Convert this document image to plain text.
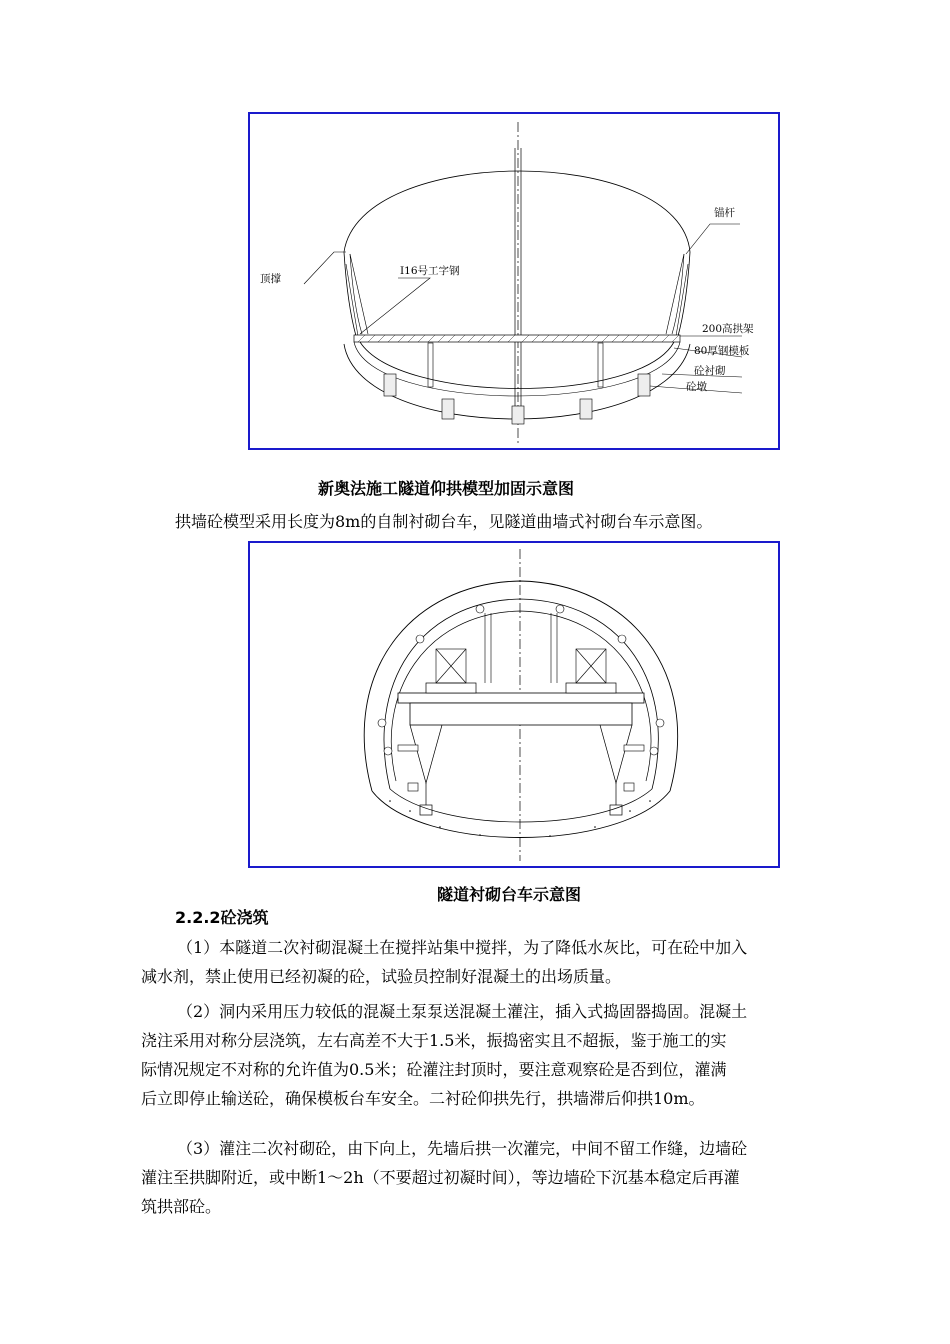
锚杆
顶撑
I16号工字钢
200高拱架
80厚钢模板
砼衬砌
砼墩
新奥法施工隧道仰拱模型加固示意图
拱墙砼模型采用长度为8m的自制衬砌台车，见隧道曲墙式衬砌台车示意图。
隧道衬砌台车示意图
2.2.2砼浇筑
（1）本隧道二次衬砌混凝土在搅拌站集中搅拌，为了降低水灰比，可在砼中加入
减水剂，禁止使用已经初凝的砼，试验员控制好混凝土的出场质量。
（2）洞内采用压力较低的混凝土泵泵送混凝土灌注，插入式捣固器捣固。混凝土
浇注采用对称分层浇筑，左右高差不大于1.5米，振捣密实且不超振，鉴于施工的实
际情况规定不对称的允许值为0.5米；砼灌注封顶时，要注意观察砼是否到位，灌满
后立即停止输送砼，确保模板台车安全。二衬砼仰拱先行，拱墙滞后仰拱10m。
（3）灌注二次衬砌砼，由下向上，先墙后拱一次灌完，中间不留工作缝，边墙砼
灌注至拱脚附近，或中断1～2h（不要超过初凝时间），等边墙砼下沉基本稳定后再灌
筑拱部砼。
